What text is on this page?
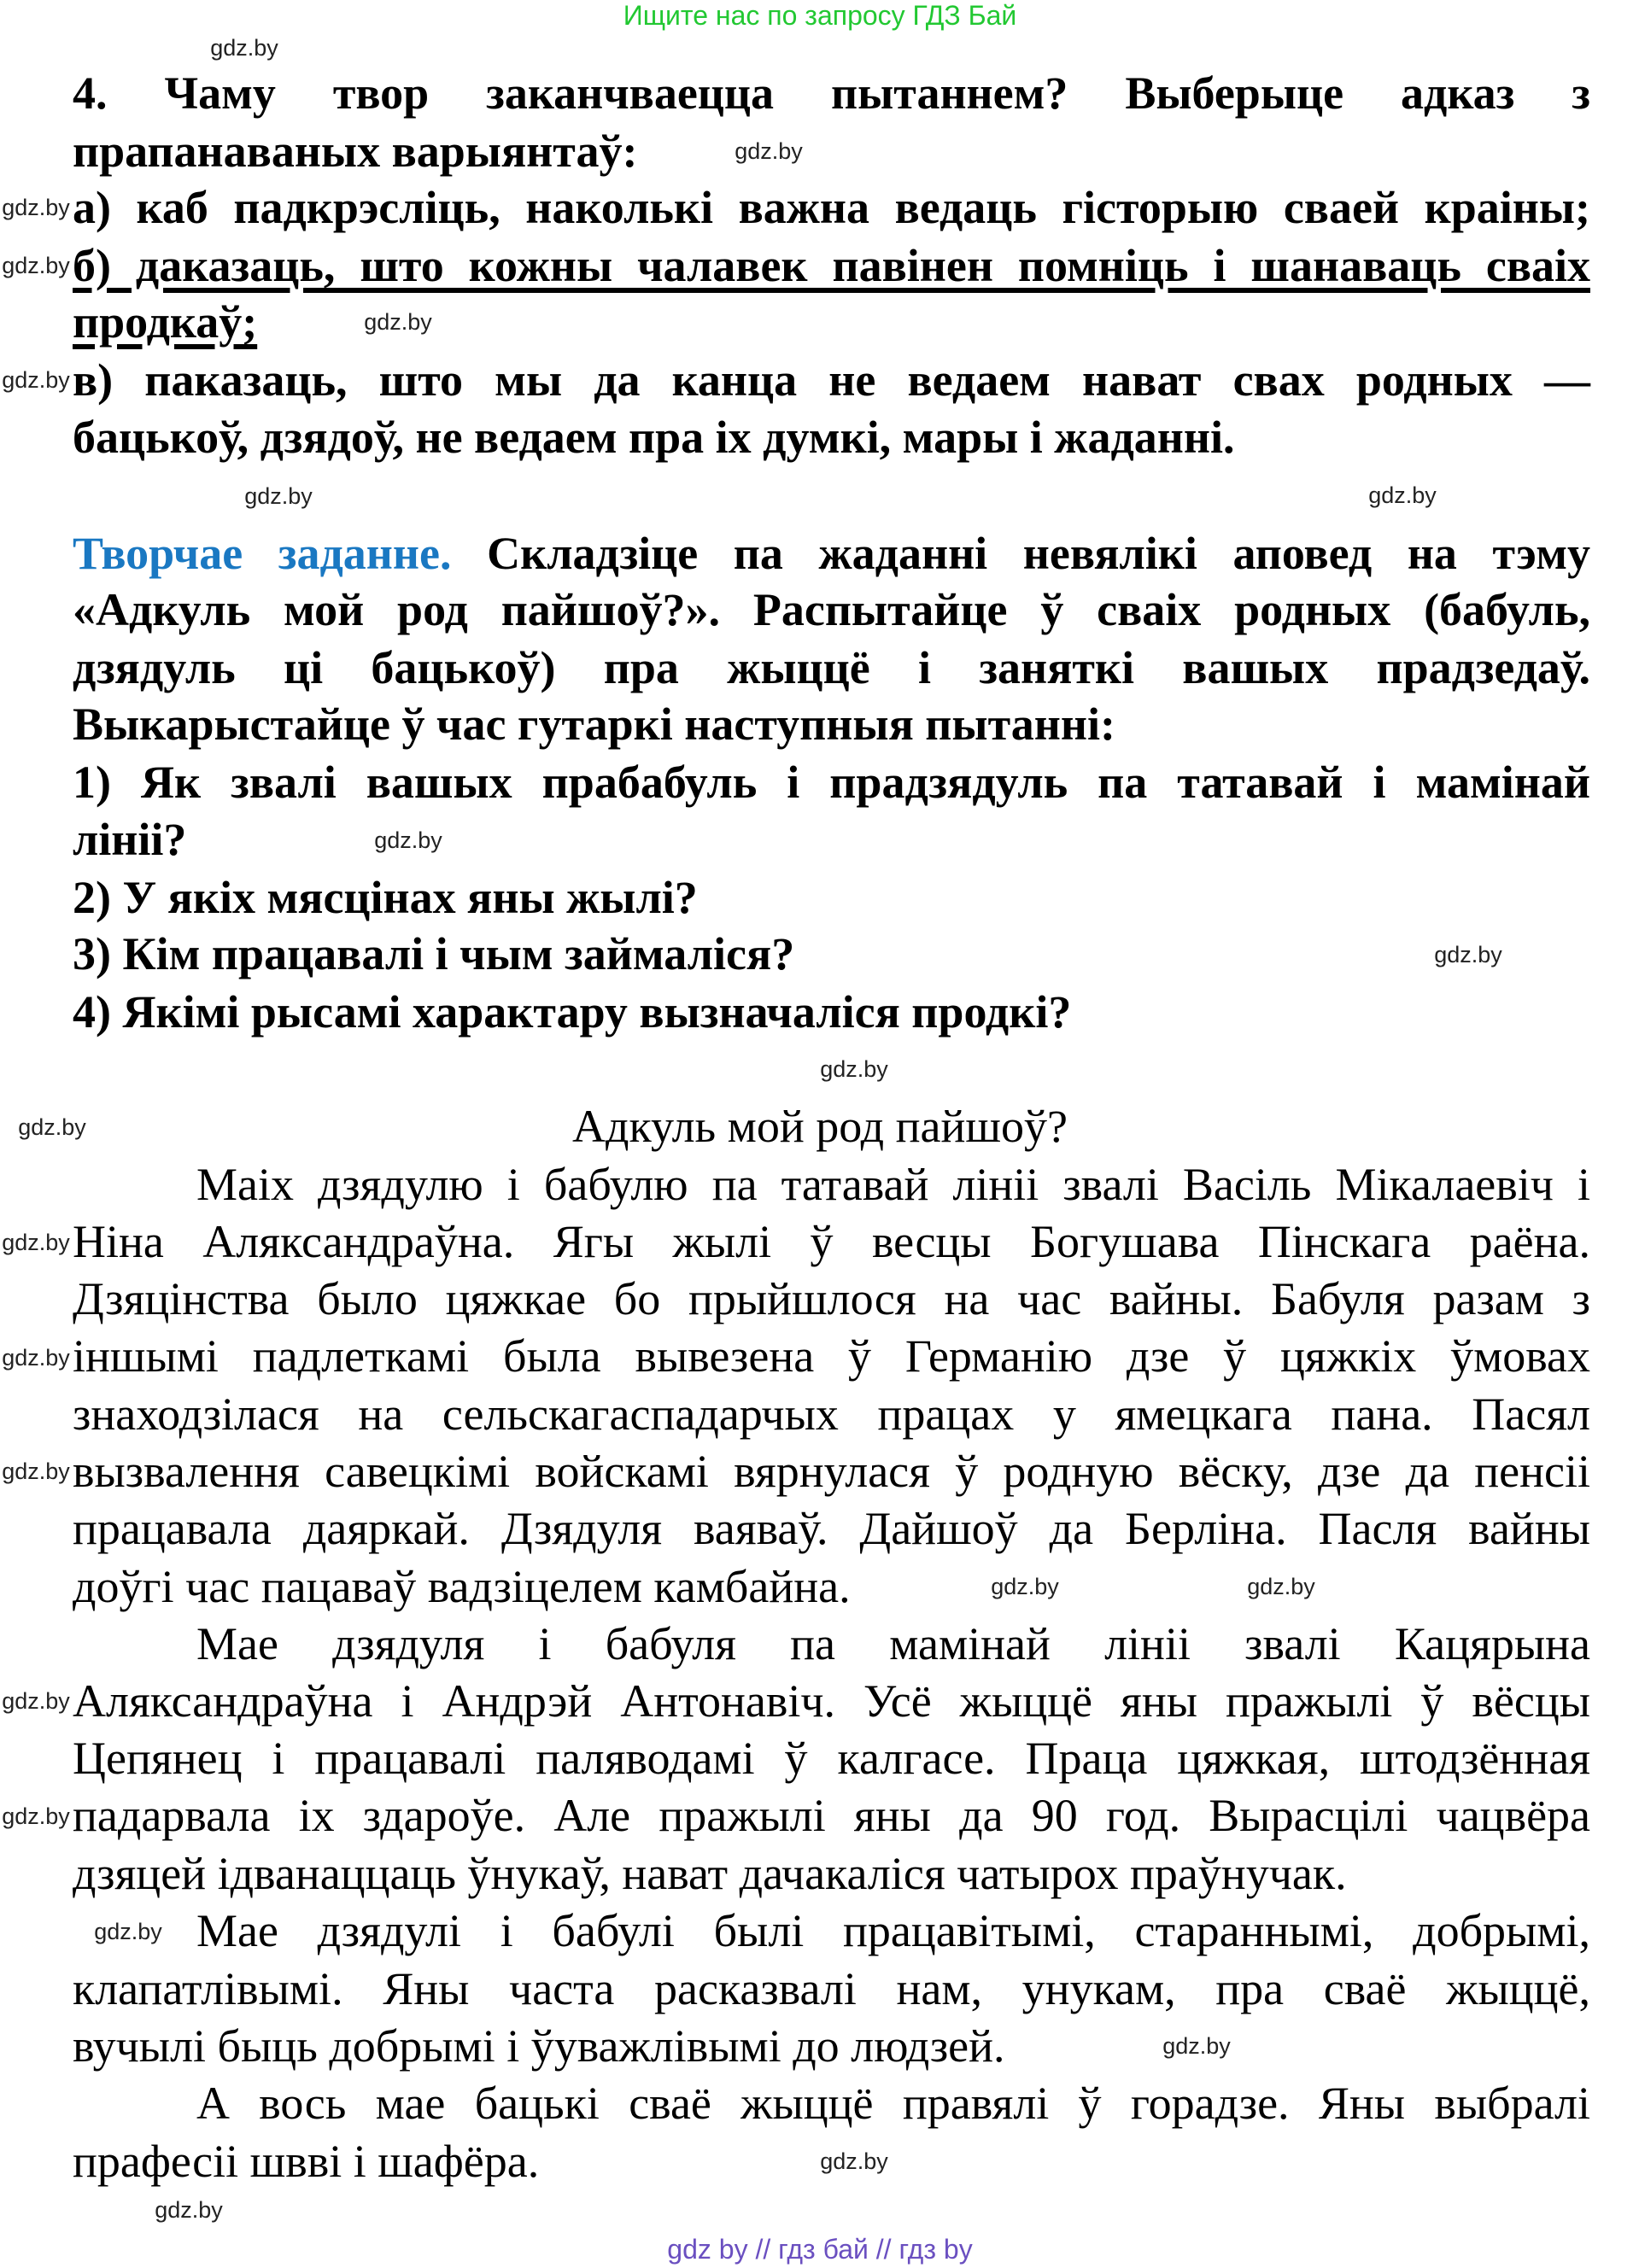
Ищите нас по запросу ГДЗ Бай
4. Чаму твор заканчваецца пытаннем? Выберыце адказ з
прапанаваных варыянтаў:
а) каб падкрэсліць, наколькі важна ведаць гісторыю сваей краіны;
б) даказаць, што кожны чалавек павінен помніць і шанаваць сваіх
продкаў;
в) паказаць, што мы да канца не ведаем нават свах родных —
бацькоў, дзядоў, не ведаем пра іх думкі, мары і жаданні.
Творчае заданне. Складзіце па жаданні невялікі аповед на тэму
«Адкуль мой род пайшоў?». Распытайце ў сваіх родных (бабуль,
дзядуль ці бацькоў) пра жыццё і заняткі вашых прадзедаў.
Выкарыстайце ў час гутаркі наступныя пытанні:
1) Як звалі вашых прабабуль і прадзядуль па татавай і мамінай
лініі?
2) У якіх мясцінах яны жылі?
3) Кім працавалі і чым займаліся?
4) Якімі рысамі характару вызначаліся продкі?
Адкуль мой род пайшоў?
Маіх дзядулю і бабулю па татавай лініі звалі Васіль Мікалаевіч і
Ніна Аляксандраўна. Ягы жылі ў весцы Богушава Пінскага раёна.
Дзяцінства было цяжкае бо прыйшлося на час вайны. Бабуля разам з
іншымі падлеткамі была вывезена ў Германію дзе ў цяжкіх ўмовах
знаходзілася на сельскагаспадарчых працах у ямецкага пана. Пасял
вызвалення савецкімі войскамі вярнулася ў родную вёску, дзе да пенсіі
працавала даяркай. Дзядуля ваяваў. Дайшоў да Берліна. Пасля вайны
доўгі час пацаваў вадзіцелем камбайна.
Мае дзядуля і бабуля па мамінай лініі звалі Кацярына
Аляксандраўна і Андрэй Антонавіч. Усё жыццё яны пражылі ў вёсцы
Цепянец і працавалі паляводамі ў калгасе. Праца цяжкая, штодзённая
падарвала іх здароўе. Але пражылі яны да 90 год. Вырасцілі чацвёра
дзяцей ідванаццаць ўнукаў, нават дачакаліся чатырох праўнучак.
Мае дзядулі і бабулі былі працавітымі, стараннымі, добрымі,
клапатлівымі. Яны часта расказвалі нам, унукам, пра сваё жыццё,
вучылі быць добрымі і ўуважлівымі до людзей.
А вось мае бацькі сваё жыццё правялі ў горадзе. Яны выбралі
прафесіі швві і шафёра.
gdz.by
gdz.by
gdz.by
gdz.by
gdz.by
gdz.by
gdz.by
gdz.by
gdz.by
gdz.by
gdz.by
gdz.by
gdz.by
gdz.by
gdz.by
gdz.by	gdz.by
gdz.by
gdz.by
gdz.by
gdz.by
gdz.by
gdz.by
gdz by // гдз бай // гдз by
